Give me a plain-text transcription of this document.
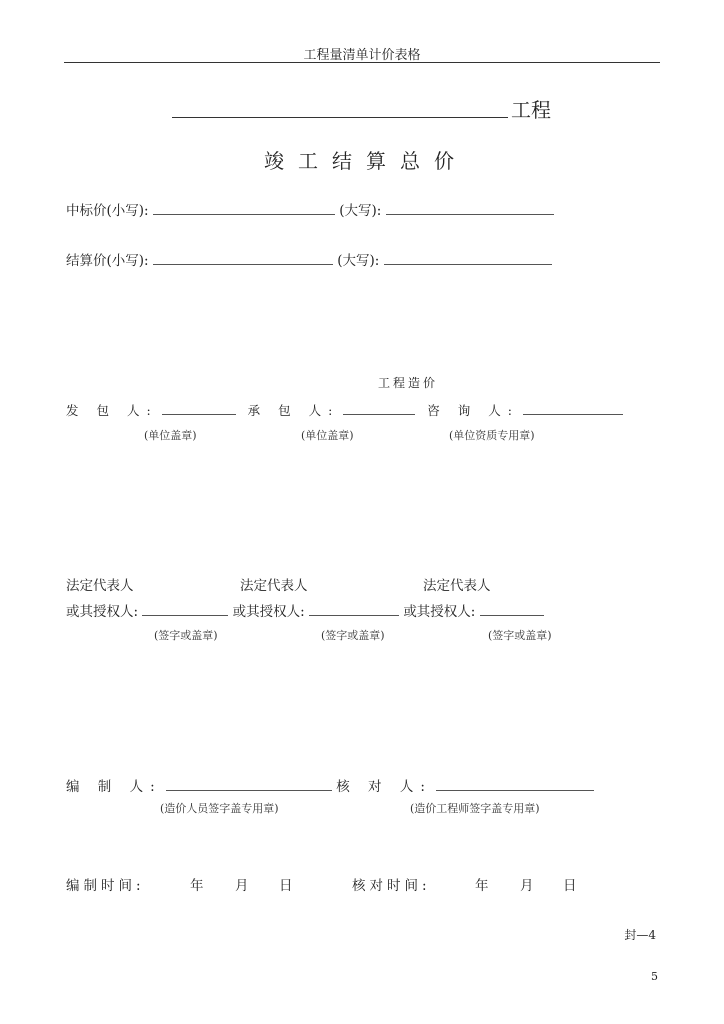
工程量清单计价表格
工程
竣工结算总价
中标价(小写):	(大写):
结算价(小写):	(大写):
工程造价
发 包 人:	承 包 人:	咨 询 人:
(单位盖章)	(单位盖章)	(单位资质专用章)
法定代表人	法定代表人	法定代表人
或其授权人:	或其授权人:	或其授权人:
(签字或盖章)	(签字或盖章)	(签字或盖章)
编 制 人:	核 对 人:
(造价人员签字盖专用章)	(造价工程师签字盖专用章)
编制时间:	年 月 日	核对时间:	年 月 日
封—4
5
